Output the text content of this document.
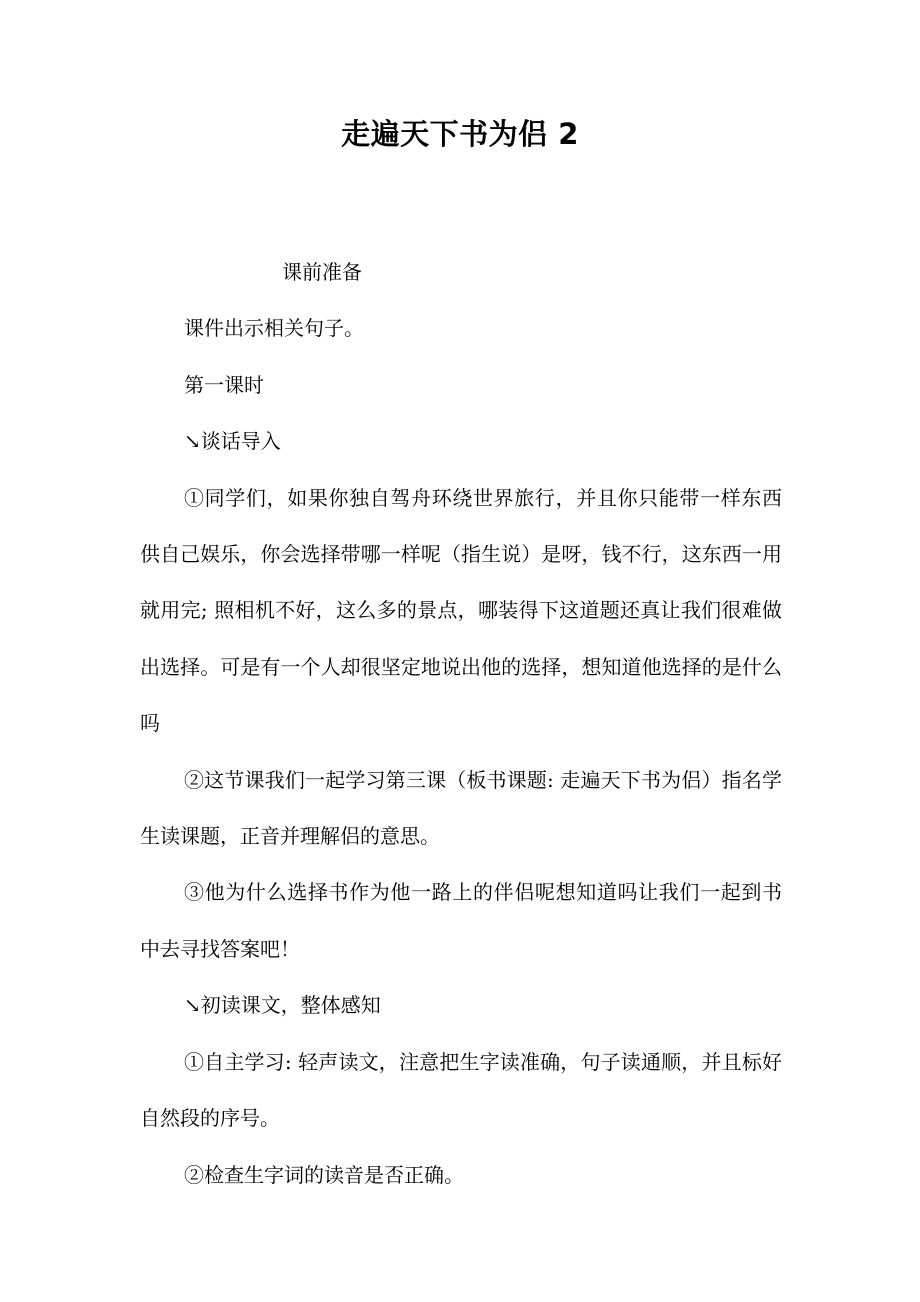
走遍天下书为侣 2

课前准备

课件出示相关句子。

第一课时

↘谈话导入

①同学们，如果你独自驾舟环绕世界旅行，并且你只能带一样东西供自己娱乐，你会选择带哪一样呢（指生说）是呀，钱不行，这东西一用就用完; 照相机不好，这么多的景点，哪装得下这道题还真让我们很难做出选择。可是有一个人却很坚定地说出他的选择，想知道他选择的是什么吗

②这节课我们一起学习第三课（板书课题: 走遍天下书为侣）指名学生读课题，正音并理解侣的意思。

③他为什么选择书作为他一路上的伴侣呢想知道吗让我们一起到书中去寻找答案吧！

↘初读课文，整体感知

①自主学习: 轻声读文，注意把生字读准确，句子读通顺，并且标好自然段的序号。

②检查生字词的读音是否正确。
